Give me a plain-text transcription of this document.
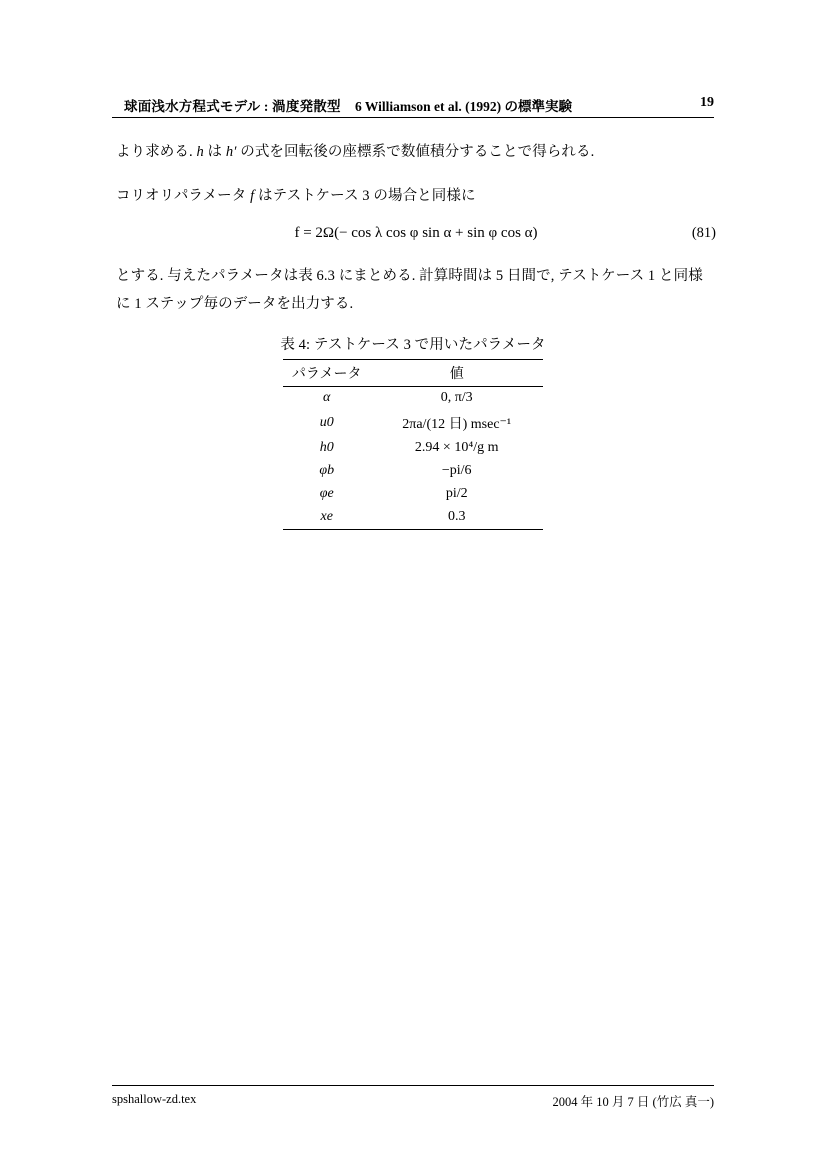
球面浅水方程式モデル : 渦度発散型 6 Williamson et al. (1992) の標準実験	19
より求める. h は h′ の式を回転後の座標系で数値積分することで得られる.
コリオリパラメータ f はテストケース 3 の場合と同様に
f = 2Ω(− cos λ cos φ sin α + sin φ cos α)	(81)
とする. 与えたパラメータは表 6.3 にまとめる. 計算時間は 5 日間で, テストケース 1 と同様に 1 ステップ毎のデータを出力する.
表 4: テストケース 3 で用いたパラメータ
パラメータ	値
α	0, π/3
u0	2πa/(12 日) msec⁻¹
h0	2.94 × 10⁴/g m
φb	−pi/6
φe	pi/2
xe	0.3
spshallow-zd.tex	2004 年 10 月 7 日 (竹広 真一)
